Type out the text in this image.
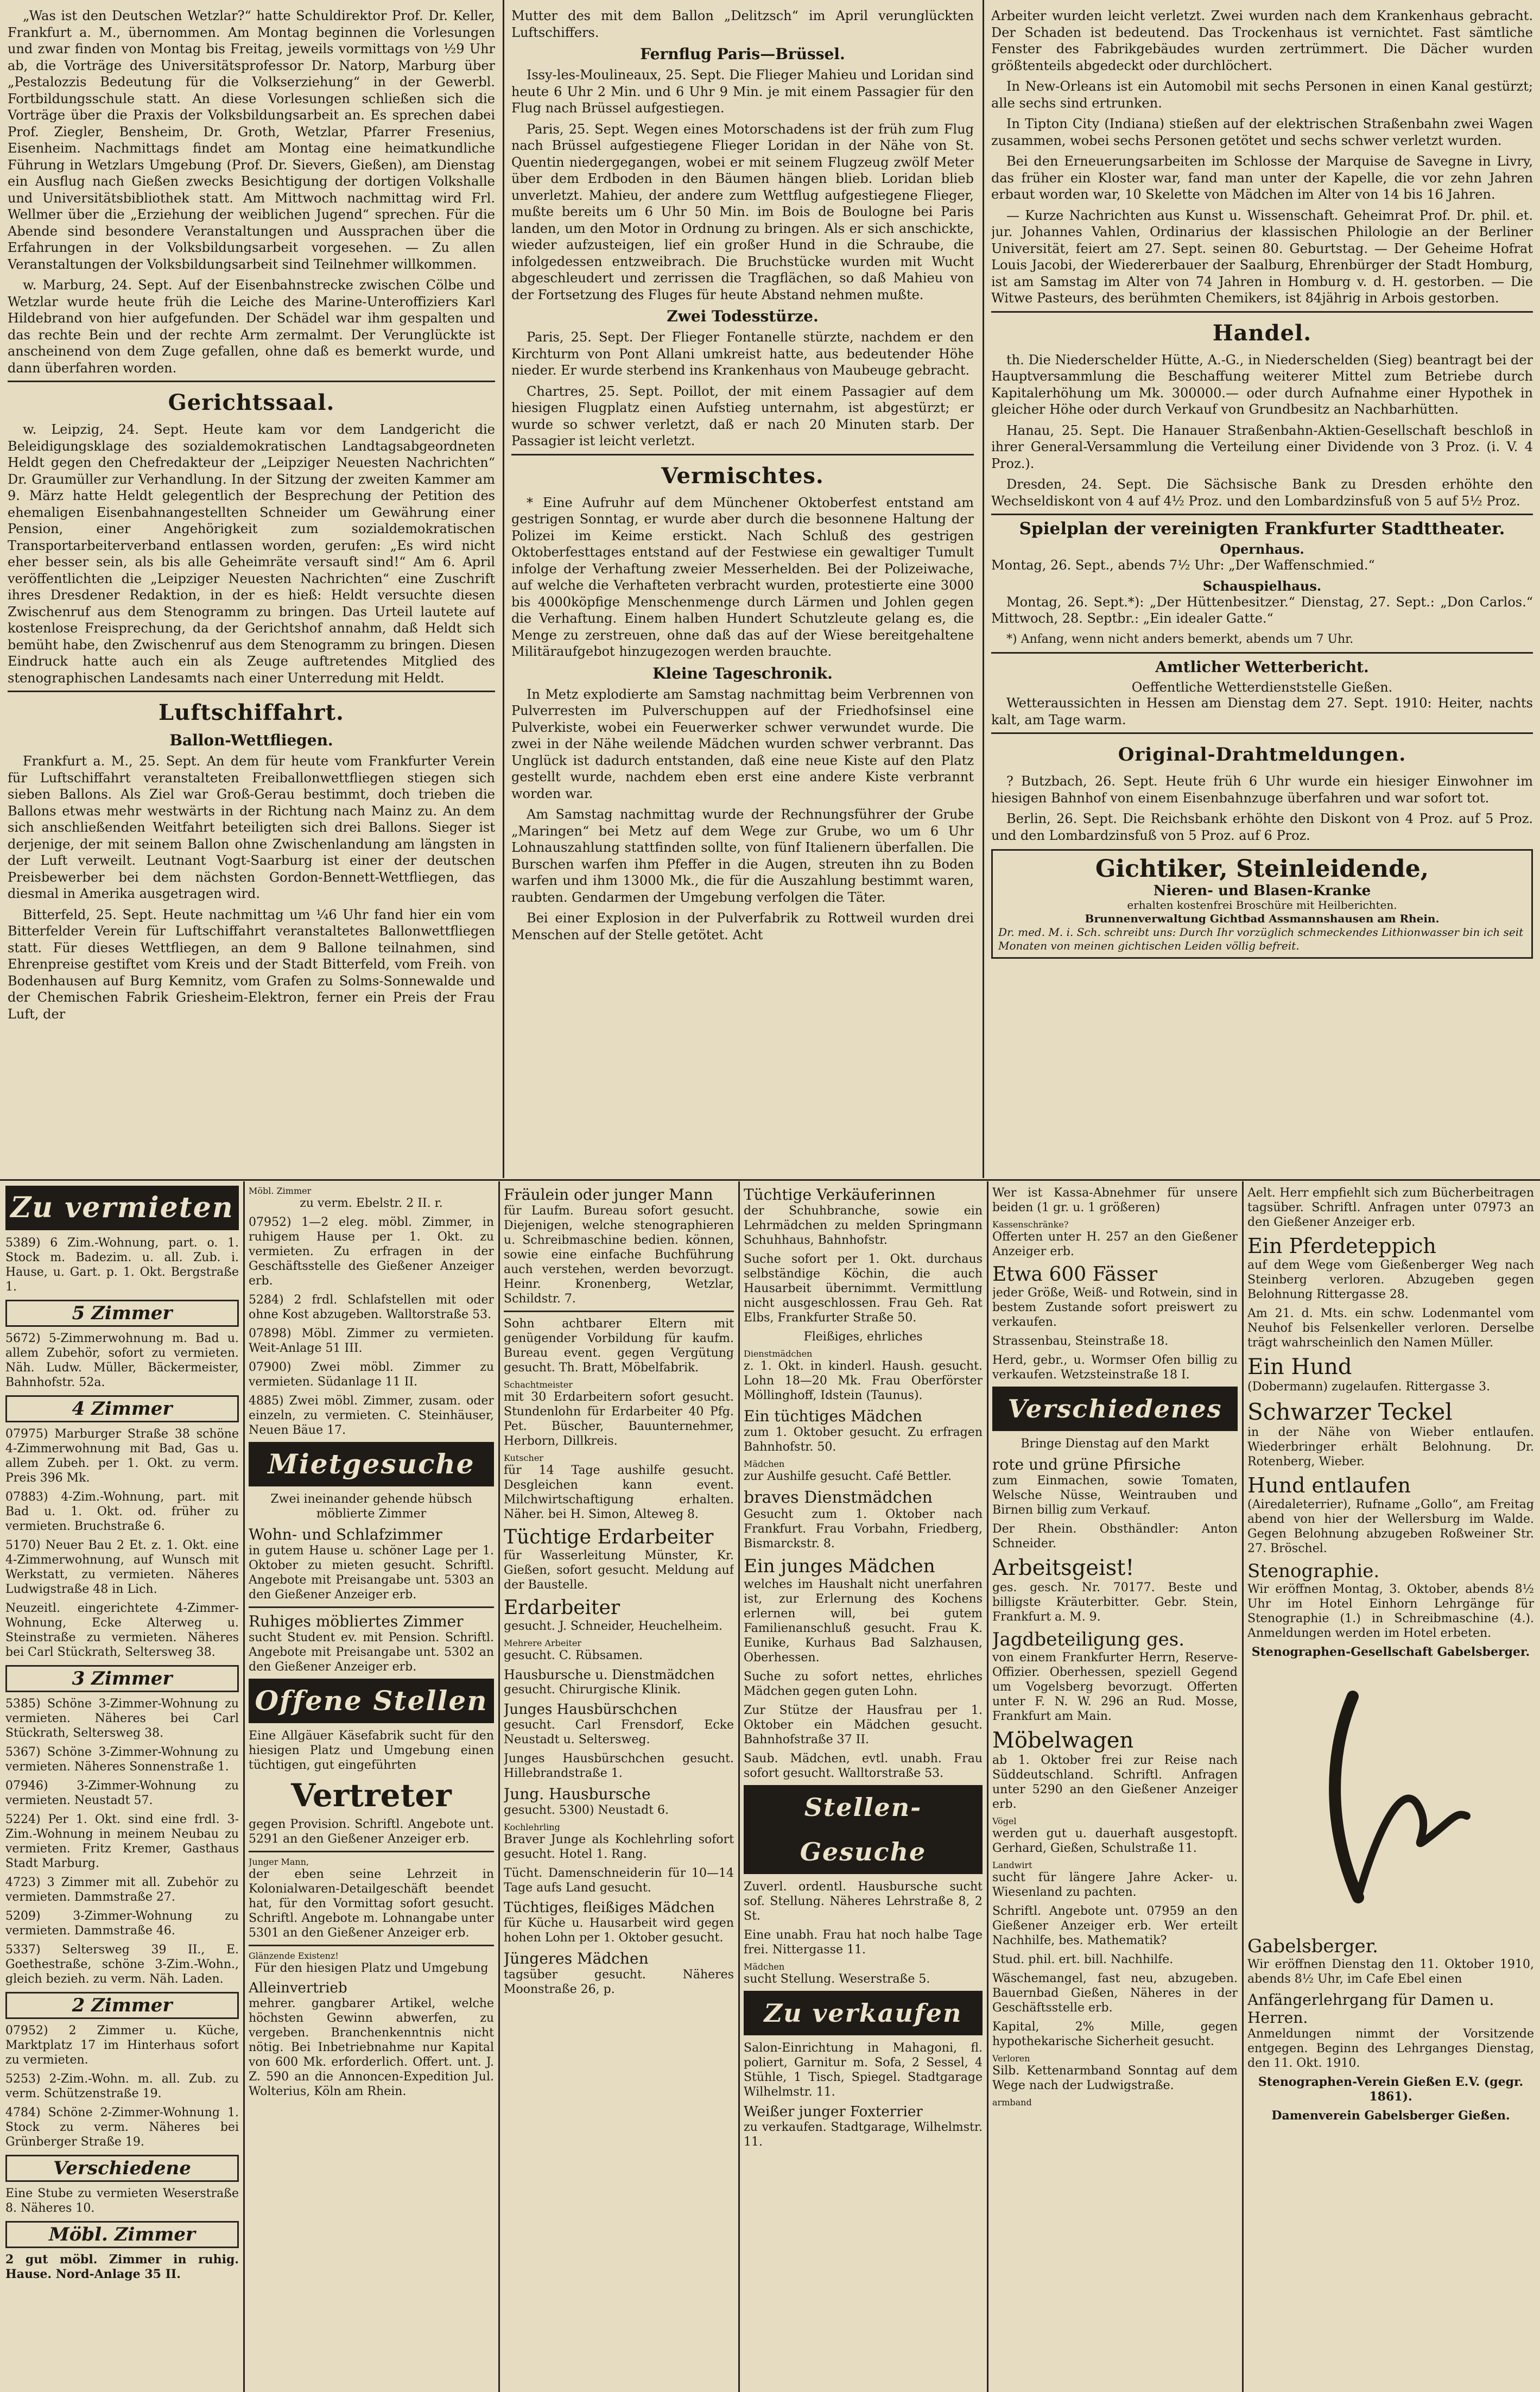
„Was ist den Deutschen Wetzlar?“ hatte Schuldirektor Prof. Dr. Keller, Frankfurt a. M., übernommen. Am Montag beginnen die Vorlesungen und zwar finden von Montag bis Freitag, jeweils vormittags von ½9 Uhr ab, die Vorträge des Universitätsprofessor Dr. Natorp, Marburg über „Pestalozzis Bedeutung für die Volkserziehung“ in der Gewerbl. Fortbildungsschule statt. An diese Vorlesungen schließen sich die Vorträge über die Praxis der Volksbildungsarbeit an. Es sprechen dabei Prof. Ziegler, Bensheim, Dr. Groth, Wetzlar, Pfarrer Fresenius, Eisenheim. Nachmittags findet am Montag eine heimatkundliche Führung in Wetzlars Umgebung (Prof. Dr. Sievers, Gießen), am Dienstag ein Ausflug nach Gießen zwecks Besichtigung der dortigen Volkshalle und Universitätsbibliothek statt. Am Mittwoch nachmittag wird Frl. Wellmer über die „Erziehung der weiblichen Jugend“ sprechen. Für die Abende sind besondere Veranstaltungen und Aussprachen über die Erfahrungen in der Volksbildungsarbeit vorgesehen. — Zu allen Veranstaltungen der Volksbildungsarbeit sind Teilnehmer willkommen.

w. Marburg, 24. Sept. Auf der Eisenbahnstrecke zwischen Cölbe und Wetzlar wurde heute früh die Leiche des Marine-Unteroffiziers Karl Hildebrand von hier aufgefunden. Der Schädel war ihm gespalten und das rechte Bein und der rechte Arm zermalmt. Der Verunglückte ist anscheinend von dem Zuge gefallen, ohne daß es bemerkt wurde, und dann überfahren worden.

Gerichtssaal.

w. Leipzig, 24. Sept. Heute kam vor dem Landgericht die Beleidigungsklage des sozialdemokratischen Landtagsabgeordneten Heldt gegen den Chefredakteur der „Leipziger Neuesten Nachrichten“ Dr. Graumüller zur Verhandlung. In der Sitzung der zweiten Kammer am 9. März hatte Heldt gelegentlich der Besprechung der Petition des ehemaligen Eisenbahnangestellten Schneider um Gewährung einer Pension, einer Angehörigkeit zum sozialdemokratischen Transportarbeiterverband entlassen worden, gerufen: „Es wird nicht eher besser sein, als bis alle Geheimräte versauft sind!“ Am 6. April veröffentlichten die „Leipziger Neuesten Nachrichten“ eine Zuschrift ihres Dresdener Redaktion, in der es hieß: Heldt versuchte diesen Zwischenruf aus dem Stenogramm zu bringen. Das Urteil lautete auf kostenlose Freisprechung, da der Gerichtshof annahm, daß Heldt sich bemüht habe, den Zwischenruf aus dem Stenogramm zu bringen. Diesen Eindruck hatte auch ein als Zeuge auftretendes Mitglied des stenographischen Landesamts nach einer Unterredung mit Heldt.

Luftschiffahrt.
Ballon-Wettfliegen.

Frankfurt a. M., 25. Sept. An dem für heute vom Frankfurter Verein für Luftschiffahrt veranstalteten Freiballonwettfliegen stiegen sich sieben Ballons. Als Ziel war Groß-Gerau bestimmt, doch trieben die Ballons etwas mehr westwärts in der Richtung nach Mainz zu. An dem sich anschließenden Weitfahrt beteiligten sich drei Ballons. Sieger ist derjenige, der mit seinem Ballon ohne Zwischenlandung am längsten in der Luft verweilt. Leutnant Vogt-Saarburg ist einer der deutschen Preisbewerber bei dem nächsten Gordon-Bennett-Wettfliegen, das diesmal in Amerika ausgetragen wird.

Bitterfeld, 25. Sept. Heute nachmittag um ¼6 Uhr fand hier ein vom Bitterfelder Verein für Luftschiffahrt veranstaltetes Ballonwettfliegen statt. Für dieses Wettfliegen, an dem 9 Ballone teilnahmen, sind Ehrenpreise gestiftet vom Kreis und der Stadt Bitterfeld, vom Freih. von Bodenhausen auf Burg Kemnitz, vom Grafen zu Solms-Sonnewalde und der Chemischen Fabrik Griesheim-Elektron, ferner ein Preis der Frau Luft, der

Mutter des mit dem Ballon „Delitzsch“ im April verunglückten Luftschiffers.

Fernflug Paris—Brüssel.

Issy-les-Moulineaux, 25. Sept. Die Flieger Mahieu und Loridan sind heute 6 Uhr 2 Min. und 6 Uhr 9 Min. je mit einem Passagier für den Flug nach Brüssel aufgestiegen.

Paris, 25. Sept. Wegen eines Motorschadens ist der früh zum Flug nach Brüssel aufgestiegene Flieger Loridan in der Nähe von St. Quentin niedergegangen, wobei er mit seinem Flugzeug zwölf Meter über dem Erdboden in den Bäumen hängen blieb. Loridan blieb unverletzt. Mahieu, der andere zum Wettflug aufgestiegene Flieger, mußte bereits um 6 Uhr 50 Min. im Bois de Boulogne bei Paris landen, um den Motor in Ordnung zu bringen. Als er sich anschickte, wieder aufzusteigen, lief ein großer Hund in die Schraube, die infolgedessen entzweibrach. Die Bruchstücke wurden mit Wucht abgeschleudert und zerrissen die Tragflächen, so daß Mahieu von der Fortsetzung des Fluges für heute Abstand nehmen mußte.

Zwei Todesstürze.

Paris, 25. Sept. Der Flieger Fontanelle stürzte, nachdem er den Kirchturm von Pont Allani umkreist hatte, aus bedeutender Höhe nieder. Er wurde sterbend ins Krankenhaus von Maubeuge gebracht.

Chartres, 25. Sept. Poillot, der mit einem Passagier auf dem hiesigen Flugplatz einen Aufstieg unternahm, ist abgestürzt; er wurde so schwer verletzt, daß er nach 20 Minuten starb. Der Passagier ist leicht verletzt.

Vermischtes.

* Eine Aufruhr auf dem Münchener Oktoberfest entstand am gestrigen Sonntag, er wurde aber durch die besonnene Haltung der Polizei im Keime erstickt. Nach Schluß des gestrigen Oktoberfesttages entstand auf der Festwiese ein gewaltiger Tumult infolge der Verhaftung zweier Messerhelden. Bei der Polizeiwache, auf welche die Verhafteten verbracht wurden, protestierte eine 3000 bis 4000köpfige Menschenmenge durch Lärmen und Johlen gegen die Verhaftung. Einem halben Hundert Schutzleute gelang es, die Menge zu zerstreuen, ohne daß das auf der Wiese bereitgehaltene Militäraufgebot hinzugezogen werden brauchte.

Kleine Tageschronik.

In Metz explodierte am Samstag nachmittag beim Verbrennen von Pulverresten im Pulverschuppen auf der Friedhofsinsel eine Pulverkiste, wobei ein Feuerwerker schwer verwundet wurde. Die zwei in der Nähe weilende Mädchen wurden schwer verbrannt. Das Unglück ist dadurch entstanden, daß eine neue Kiste auf den Platz gestellt wurde, nachdem eben erst eine andere Kiste verbrannt worden war.

Am Samstag nachmittag wurde der Rechnungsführer der Grube „Maringen“ bei Metz auf dem Wege zur Grube, wo um 6 Uhr Lohnauszahlung stattfinden sollte, von fünf Italienern überfallen. Die Burschen warfen ihm Pfeffer in die Augen, streuten ihn zu Boden warfen und ihm 13000 Mk., die für die Auszahlung bestimmt waren, raubten. Gendarmen der Umgebung verfolgen die Täter.

Bei einer Explosion in der Pulverfabrik zu Rottweil wurden drei Menschen auf der Stelle getötet. Acht

Arbeiter wurden leicht verletzt. Zwei wurden nach dem Krankenhaus gebracht. Der Schaden ist bedeutend. Das Trockenhaus ist vernichtet. Fast sämtliche Fenster des Fabrikgebäudes wurden zertrümmert. Die Dächer wurden größtenteils abgedeckt oder durchlöchert.

In New-Orleans ist ein Automobil mit sechs Personen in einen Kanal gestürzt; alle sechs sind ertrunken.

In Tipton City (Indiana) stießen auf der elektrischen Straßenbahn zwei Wagen zusammen, wobei sechs Personen getötet und sechs schwer verletzt wurden.

Bei den Erneuerungsarbeiten im Schlosse der Marquise de Savegne in Livry, das früher ein Kloster war, fand man unter der Kapelle, die vor zehn Jahren erbaut worden war, 10 Skelette von Mädchen im Alter von 14 bis 16 Jahren.

— Kurze Nachrichten aus Kunst u. Wissenschaft. Geheimrat Prof. Dr. phil. et. jur. Johannes Vahlen, Ordinarius der klassischen Philologie an der Berliner Universität, feiert am 27. Sept. seinen 80. Geburtstag. — Der Geheime Hofrat Louis Jacobi, der Wiedererbauer der Saalburg, Ehrenbürger der Stadt Homburg, ist am Samstag im Alter von 74 Jahren in Homburg v. d. H. gestorben. — Die Witwe Pasteurs, des berühmten Chemikers, ist 84jährig in Arbois gestorben.

Handel.

th. Die Niederschelder Hütte, A.-G., in Niederschelden (Sieg) beantragt bei der Hauptversammlung die Beschaffung weiterer Mittel zum Betriebe durch Kapitalerhöhung um Mk. 300000.— oder durch Aufnahme einer Hypothek in gleicher Höhe oder durch Verkauf von Grundbesitz an Nachbarhütten.

Hanau, 25. Sept. Die Hanauer Straßenbahn-Aktien-Gesellschaft beschloß in ihrer General-Versammlung die Verteilung einer Dividende von 3 Proz. (i. V. 4 Proz.).

Dresden, 24. Sept. Die Sächsische Bank zu Dresden erhöhte den Wechseldiskont von 4 auf 4½ Proz. und den Lombardzinsfuß von 5 auf 5½ Proz.

Spielplan der vereinigten Frankfurter Stadttheater.
Opernhaus.

Montag, 26. Sept., abends 7½ Uhr: „Der Waffenschmied.“

Schauspielhaus.

Montag, 26. Sept.*): „Der Hüttenbesitzer.“ Dienstag, 27. Sept.: „Don Carlos.“ Mittwoch, 28. Septbr.: „Ein idealer Gatte.“

*) Anfang, wenn nicht anders bemerkt, abends um 7 Uhr.

Amtlicher Wetterbericht.
Oeffentliche Wetterdienststelle Gießen.

Wetteraussichten in Hessen am Dienstag dem 27. Sept. 1910: Heiter, nachts kalt, am Tage warm.

Original-Drahtmeldungen.

? Butzbach, 26. Sept. Heute früh 6 Uhr wurde ein hiesiger Einwohner im hiesigen Bahnhof von einem Eisenbahnzuge überfahren und war sofort tot.

Berlin, 26. Sept. Die Reichsbank erhöhte den Diskont von 4 Proz. auf 5 Proz. und den Lombardzinsfuß von 5 Proz. auf 6 Proz.

Gichtiker, Steinleidende,
Nieren- und Blasen-Kranke
erhalten kostenfrei Broschüre mit Heilberichten.
Brunnenverwaltung Gichtbad Assmannshausen am Rhein.
Dr. med. M. i. Sch. schreibt uns: Durch Ihr vorzüglich schmeckendes Lithionwasser bin ich seit Monaten von meinen gichtischen Leiden völlig befreit.
Zu vermieten

5389) 6 Zim.-Wohnung, part. o. 1. Stock m. Badezim. u. all. Zub. i. Hause, u. Gart. p. 1. Okt. Bergstraße 1.

5 Zimmer

5672) 5-Zimmerwohnung m. Bad u. allem Zubehör, sofort zu vermieten. Näh. Ludw. Müller, Bäckermeister, Bahnhofstr. 52a.

4 Zimmer

07975) Marburger Straße 38 schöne 4-Zimmerwohnung mit Bad, Gas u. allem Zubeh. per 1. Okt. zu verm. Preis 396 Mk.

07883) 4-Zim.-Wohnung, part. mit Bad u. 1. Okt. od. früher zu vermieten. Bruchstraße 6.

5170) Neuer Bau 2 Et. z. 1. Okt. eine 4-Zimmerwohnung, auf Wunsch mit Werkstatt, zu vermieten. Näheres Ludwigstraße 48 in Lich.

Neuzeitl. eingerichtete 4-Zimmer-Wohnung, Ecke Alterweg u. Steinstraße zu vermieten. Näheres bei Carl Stückrath, Seltersweg 38.

3 Zimmer

5385) Schöne 3-Zimmer-Wohnung zu vermieten. Näheres bei Carl Stückrath, Seltersweg 38.

5367) Schöne 3-Zimmer-Wohnung zu vermieten. Näheres Sonnenstraße 1.

07946) 3-Zimmer-Wohnung zu vermieten. Neustadt 57.

5224) Per 1. Okt. sind eine frdl. 3-Zim.-Wohnung in meinem Neubau zu vermieten. Fritz Kremer, Gasthaus Stadt Marburg.

4723) 3 Zimmer mit all. Zubehör zu vermieten. Dammstraße 27.

5209) 3-Zimmer-Wohnung zu vermieten. Dammstraße 46.

5337) Seltersweg 39 II., E. Goethestraße, schöne 3-Zim.-Wohn., gleich bezieh. zu verm. Näh. Laden.

2 Zimmer

07952) 2 Zimmer u. Küche, Marktplatz 17 im Hinterhaus sofort zu vermieten.

5253) 2-Zim.-Wohn. m. all. Zub. zu verm. Schützenstraße 19.

4784) Schöne 2-Zimmer-Wohnung 1. Stock zu verm. Näheres bei Grünberger Straße 19.

Verschiedene

Eine Stube zu vermieten Weserstraße 8. Näheres 10.

Möbl. Zimmer

2 gut möbl. Zimmer in ruhig. Hause. Nord-Anlage 35 II.

Möbl. Zimmer

zu verm. Ebelstr. 2 II. r.

07952) 1—2 eleg. möbl. Zimmer, in ruhigem Hause per 1. Okt. zu vermieten. Zu erfragen in der Geschäftsstelle des Gießener Anzeiger erb.

5284) 2 frdl. Schlafstellen mit oder ohne Kost abzugeben. Walltorstraße 53.

07898) Möbl. Zimmer zu vermieten. Weit-Anlage 51 III.

07900) Zwei möbl. Zimmer zu vermieten. Südanlage 11 II.

4885) Zwei möbl. Zimmer, zusam. oder einzeln, zu vermieten. C. Steinhäuser, Neuen Bäue 17.

Mietgesuche

Zwei ineinander gehende hübsch möblierte Zimmer

Wohn- und Schlafzimmer

in gutem Hause u. schöner Lage per 1. Oktober zu mieten gesucht. Schriftl. Angebote mit Preisangabe unt. 5303 an den Gießener Anzeiger erb.

Ruhiges möbliertes Zimmer

sucht Student ev. mit Pension. Schriftl. Angebote mit Preisangabe unt. 5302 an den Gießener Anzeiger erb.

Offene Stellen

Eine Allgäuer Käsefabrik sucht für den hiesigen Platz und Umgebung einen tüchtigen, gut eingeführten

Vertreter

gegen Provision. Schriftl. Angebote unt. 5291 an den Gießener Anzeiger erb.

Junger Mann,

der eben seine Lehrzeit in Kolonialwaren-Detailgeschäft beendet hat, für den Vormittag sofort gesucht. Schriftl. Angebote m. Lohnangabe unter 5301 an den Gießener Anzeiger erb.

Glänzende Existenz!

Für den hiesigen Platz und Umgebung

Alleinvertrieb

mehrer. gangbarer Artikel, welche höchsten Gewinn abwerfen, zu vergeben. Branchenkenntnis nicht nötig. Bei Inbetriebnahme nur Kapital von 600 Mk. erforderlich. Offert. unt. J. Z. 590 an die Annoncen-Expedition Jul. Wolterius, Köln am Rhein.

Fräulein oder junger Mann

für Laufm. Bureau sofort gesucht. Diejenigen, welche stenographieren u. Schreibmaschine bedien. können, sowie eine einfache Buchführung auch verstehen, werden bevorzugt. Heinr. Kronenberg, Wetzlar, Schildstr. 7.

Sohn achtbarer Eltern mit genügender Vorbildung für kaufm. Bureau event. gegen Vergütung gesucht. Th. Bratt, Möbelfabrik.

Schachtmeister

mit 30 Erdarbeitern sofort gesucht. Stundenlohn für Erdarbeiter 40 Pfg. Pet. Büscher, Bauunternehmer, Herborn, Dillkreis.

Kutscher

für 14 Tage aushilfe gesucht. Desgleichen kann event. Milchwirtschaftigung erhalten. Näher. bei H. Simon, Alteweg 8.

Tüchtige Erdarbeiter

für Wasserleitung Münster, Kr. Gießen, sofort gesucht. Meldung auf der Baustelle.

Erdarbeiter

gesucht. J. Schneider, Heuchelheim.

Mehrere Arbeiter

gesucht. C. Rübsamen.

Hausbursche u. Dienstmädchen

gesucht. Chirurgische Klinik.

Junges Hausbürschchen

gesucht. Carl Frensdorf, Ecke Neustadt u. Seltersweg.

Junges Hausbürschchen gesucht. Hillebrandstraße 1.

Jung. Hausbursche

gesucht. 5300) Neustadt 6.

Kochlehrling

Braver Junge als Kochlehrling sofort gesucht. Hotel 1. Rang.

Tücht. Damenschneiderin für 10—14 Tage aufs Land gesucht.

Tüchtiges, fleißiges Mädchen

für Küche u. Hausarbeit wird gegen hohen Lohn per 1. Oktober gesucht.

Jüngeres Mädchen

tagsüber gesucht. Näheres Moonstraße 26, p.

Tüchtige Verkäuferinnen

der Schuhbranche, sowie ein Lehrmädchen zu melden Springmann Schuhhaus, Bahnhofstr.

Suche sofort per 1. Okt. durchaus selbständige Köchin, die auch Hausarbeit übernimmt. Vermittlung nicht ausgeschlossen. Frau Geh. Rat Elbs, Frankfurter Straße 50.

Fleißiges, ehrliches

Dienstmädchen

z. 1. Okt. in kinderl. Haush. gesucht. Lohn 18—20 Mk. Frau Oberförster Möllinghoff, Idstein (Taunus).

Ein tüchtiges Mädchen

zum 1. Oktober gesucht. Zu erfragen Bahnhofstr. 50.

Mädchen

zur Aushilfe gesucht. Café Bettler.

braves Dienstmädchen

Gesucht zum 1. Oktober nach Frankfurt. Frau Vorbahn, Friedberg, Bismarckstr. 8.

Ein junges Mädchen

welches im Haushalt nicht unerfahren ist, zur Erlernung des Kochens erlernen will, bei gutem Familienanschluß gesucht. Frau K. Eunike, Kurhaus Bad Salzhausen, Oberhessen.

Suche zu sofort nettes, ehrliches Mädchen gegen guten Lohn.

Zur Stütze der Hausfrau per 1. Oktober ein Mädchen gesucht. Bahnhofstraße 37 II.

Saub. Mädchen, evtl. unabh. Frau sofort gesucht. Walltorstraße 53.

Stellen-Gesuche

Zuverl. ordentl. Hausbursche sucht sof. Stellung. Näheres Lehrstraße 8, 2 St.

Eine unabh. Frau hat noch halbe Tage frei. Nittergasse 11.

Mädchen

sucht Stellung. Weserstraße 5.

Zu verkaufen

Salon-Einrichtung in Mahagoni, fl. poliert, Garnitur m. Sofa, 2 Sessel, 4 Stühle, 1 Tisch, Spiegel. Stadtgarage Wilhelmstr. 11.

Weißer junger Foxterrier

zu verkaufen. Stadtgarage, Wilhelmstr. 11.

Wer ist Kassa-Abnehmer für unsere beiden (1 gr. u. 1 größeren)

Kassenschränke?

Offerten unter H. 257 an den Gießener Anzeiger erb.

Etwa 600 Fässer

jeder Größe, Weiß- und Rotwein, sind in bestem Zustande sofort preiswert zu verkaufen.

Strassenbau, Steinstraße 18.

Herd, gebr., u. Wormser Ofen billig zu verkaufen. Wetzsteinstraße 18 I.

Verschiedenes

Bringe Dienstag auf den Markt

rote und grüne Pfirsiche

zum Einmachen, sowie Tomaten, Welsche Nüsse, Weintrauben und Birnen billig zum Verkauf.

Der Rhein. Obsthändler: Anton Schneider.

Arbeitsgeist!

ges. gesch. Nr. 70177. Beste und billigste Kräuterbitter. Gebr. Stein, Frankfurt a. M. 9.

Jagdbeteiligung ges.

von einem Frankfurter Herrn, Reserve-Offizier. Oberhessen, speziell Gegend um Vogelsberg bevorzugt. Offerten unter F. N. W. 296 an Rud. Mosse, Frankfurt am Main.

Möbelwagen

ab 1. Oktober frei zur Reise nach Süddeutschland. Schriftl. Anfragen unter 5290 an den Gießener Anzeiger erb.

Vögel

werden gut u. dauerhaft ausgestopft. Gerhard, Gießen, Schulstraße 11.

Landwirt

sucht für längere Jahre Acker- u. Wiesenland zu pachten.

Schriftl. Angebote unt. 07959 an den Gießener Anzeiger erb. Wer erteilt Nachhilfe, bes. Mathematik?

Stud. phil. ert. bill. Nachhilfe.

Wäschemangel, fast neu, abzugeben. Bauernbad Gießen, Näheres in der Geschäftsstelle erb.

Kapital, 2% Mille, gegen hypothekarische Sicherheit gesucht.

Verloren

Silb. Kettenarmband Sonntag auf dem Wege nach der Ludwigstraße.

armband

Aelt. Herr empfiehlt sich zum Bücherbeitragen tagsüber. Schriftl. Anfragen unter 07973 an den Gießener Anzeiger erb.

Ein Pferdeteppich

auf dem Wege vom Gießenberger Weg nach Steinberg verloren. Abzugeben gegen Belohnung Rittergasse 28.

Am 21. d. Mts. ein schw. Lodenmantel vom Neuhof bis Felsenkeller verloren. Derselbe trägt wahrscheinlich den Namen Müller.

Ein Hund

(Dobermann) zugelaufen. Rittergasse 3.

Schwarzer Teckel

in der Nähe von Wieber entlaufen. Wiederbringer erhält Belohnung. Dr. Rotenberg, Wieber.

Hund entlaufen

(Airedaleterrier), Rufname „Gollo“, am Freitag abend von hier der Wellersburg im Walde. Gegen Belohnung abzugeben Roßweiner Str. 27. Bröschel.

Stenographie.

Wir eröffnen Montag, 3. Oktober, abends 8½ Uhr im Hotel Einhorn Lehrgänge für Stenographie (1.) in Schreibmaschine (4.). Anmeldungen werden im Hotel erbeten.

Stenographen-Gesellschaft Gabelsberger.

Gabelsberger.

Wir eröffnen Dienstag den 11. Oktober 1910, abends 8½ Uhr, im Cafe Ebel einen

Anfängerlehrgang für Damen u. Herren.

Anmeldungen nimmt der Vorsitzende entgegen. Beginn des Lehrganges Dienstag, den 11. Okt. 1910.

Stenographen-Verein Gießen E.V. (gegr. 1861).

Damenverein Gabelsberger Gießen.
